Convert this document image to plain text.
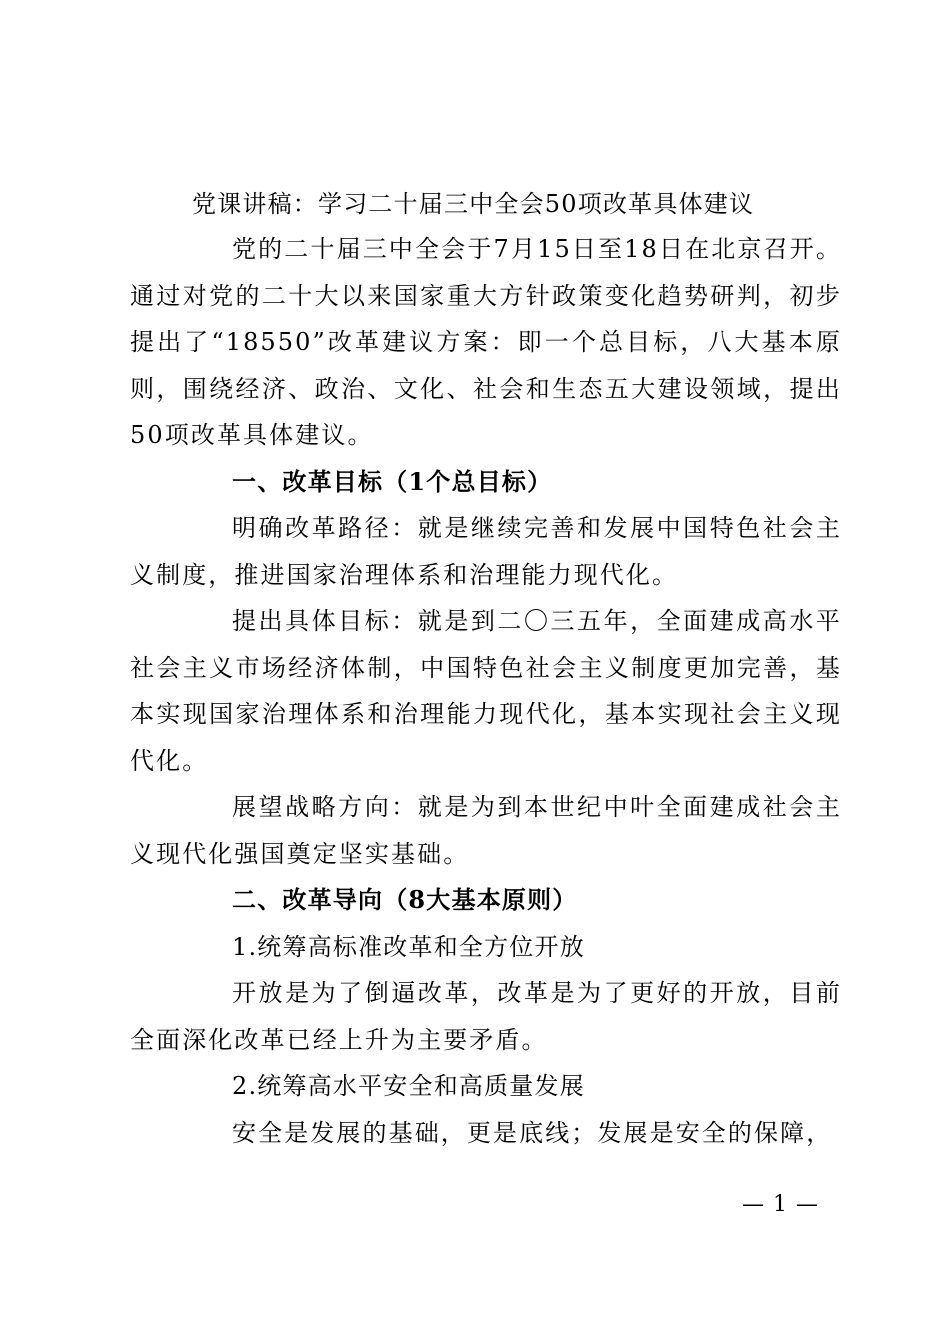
党课讲稿：学习二十届三中全会50项改革具体建议

党的二十届三中全会于7月15日至18日在北京召开。通过对党的二十大以来国家重大方针政策变化趋势研判，初步提出了“18550”改革建议方案：即一个总目标，八大基本原则，围绕经济、政治、文化、社会和生态五大建设领域，提出50项改革具体建议。

一、改革目标（1个总目标）

明确改革路径：就是继续完善和发展中国特色社会主义制度，推进国家治理体系和治理能力现代化。

提出具体目标：就是到二〇三五年，全面建成高水平社会主义市场经济体制，中国特色社会主义制度更加完善，基本实现国家治理体系和治理能力现代化，基本实现社会主义现代化。

展望战略方向：就是为到本世纪中叶全面建成社会主义现代化强国奠定坚实基础。

二、改革导向（8大基本原则）

1.统筹高标准改革和全方位开放

开放是为了倒逼改革，改革是为了更好的开放，目前全面深化改革已经上升为主要矛盾。

2.统筹高水平安全和高质量发展

安全是发展的基础，更是底线；发展是安全的保障，

— 1 —
